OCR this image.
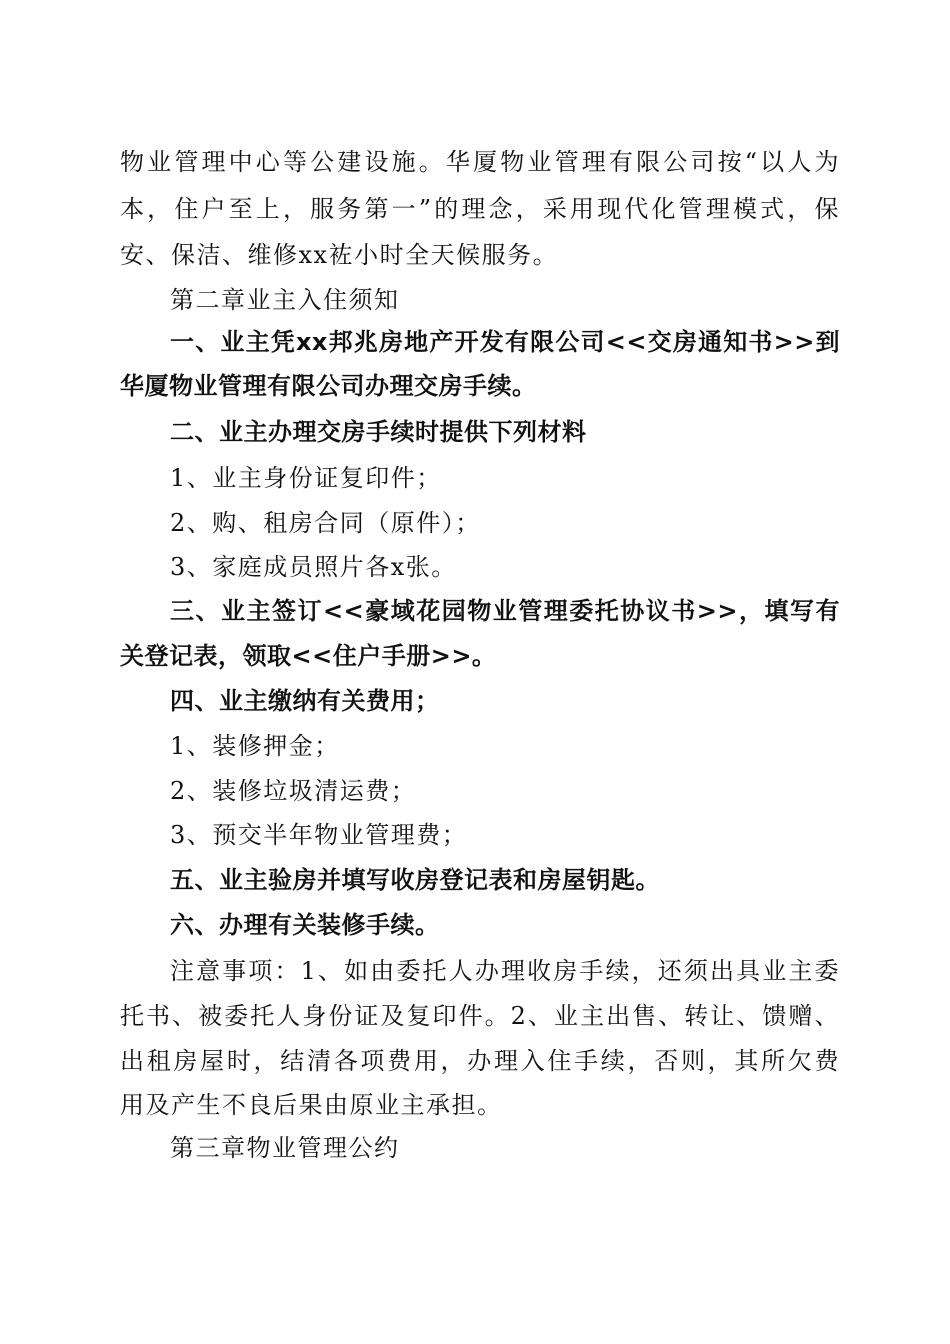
物业管理中心等公建设施。华厦物业管理有限公司按“以人为
本，住户至上，服务第一”的理念，采用现代化管理模式，保
安、保洁、维修xx袏小时全天候服务。
第二章业主入住须知
一、业主凭xx邦兆房地产开发有限公司<<交房通知书>>到
华厦物业管理有限公司办理交房手续。
二、业主办理交房手续时提供下列材料
1、业主身份证复印件；
2、购、租房合同（原件）；
3、家庭成员照片各x张。
三、业主签订<<豪域花园物业管理委托协议书>>，填写有
关登记表，领取<<住户手册>>。
四、业主缴纳有关费用；
1、装修押金；
2、装修垃圾清运费；
3、预交半年物业管理费；
五、业主验房并填写收房登记表和房屋钥匙。
六、办理有关装修手续。
注意事项：1、如由委托人办理收房手续，还须出具业主委
托书、被委托人身份证及复印件。2、业主出售、转让、馈赠、
出租房屋时，结清各项费用，办理入住手续，否则，其所欠费
用及产生不良后果由原业主承担。
第三章物业管理公约
